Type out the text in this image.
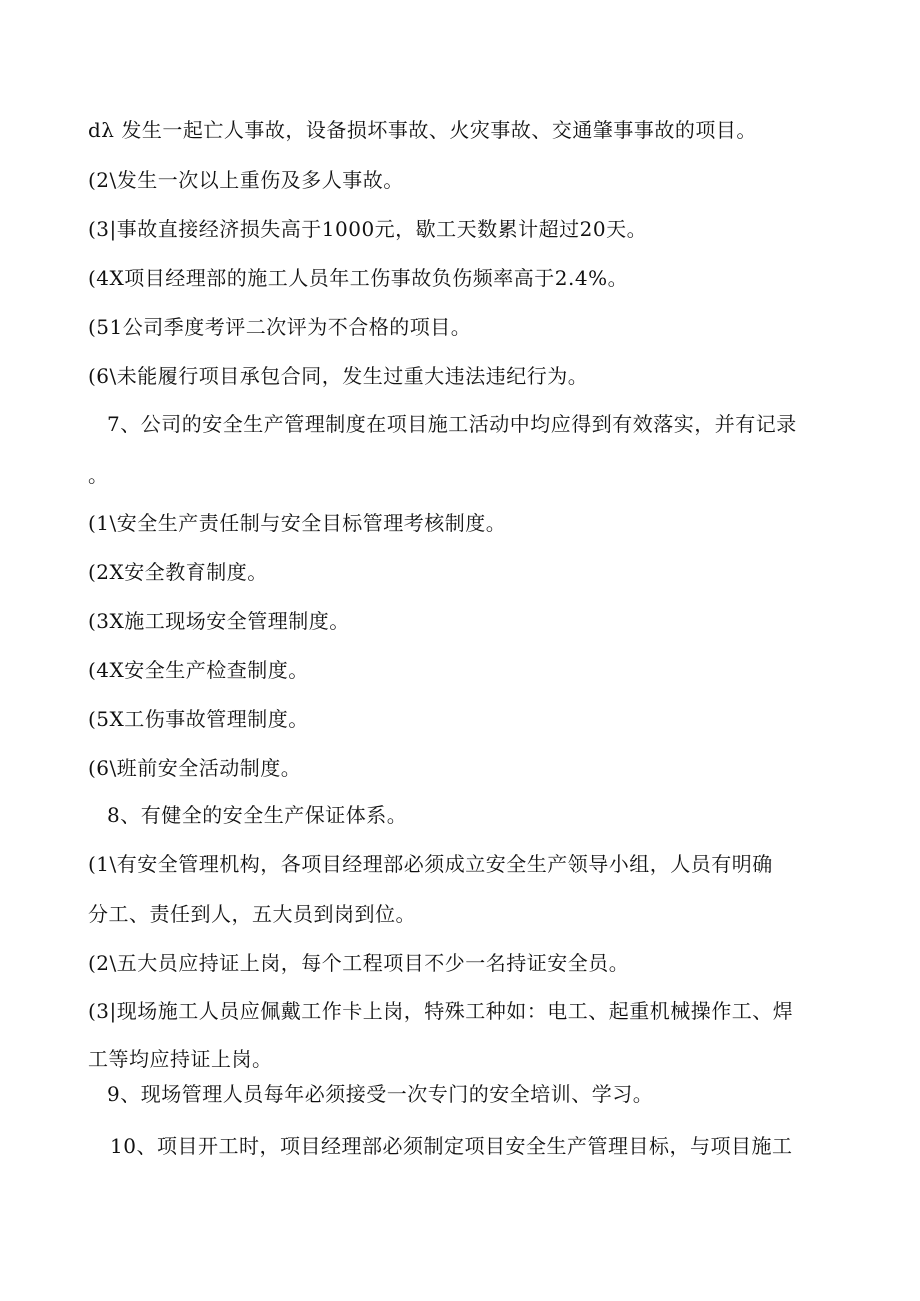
dλ 发生一起亡人事故，设备损坏事故、火灾事故、交通肇事事故的项目。
(2\发生一次以上重伤及多人事故。
(3|事故直接经济损失高于1000元，歇工天数累计超过20天。
(4X项目经理部的施工人员年工伤事故负伤频率高于2.4%。
(51公司季度考评二次评为不合格的项目。
(6\未能履行项目承包合同，发生过重大违法违纪行为。
7、公司的安全生产管理制度在项目施工活动中均应得到有效落实，并有记录
。
(1\安全生产责任制与安全目标管理考核制度。
(2X安全教育制度。
(3X施工现场安全管理制度。
(4X安全生产检查制度。
(5X工伤事故管理制度。
(6\班前安全活动制度。
8、有健全的安全生产保证体系。
(1\有安全管理机构，各项目经理部必须成立安全生产领导小组，人员有明确
分工、责任到人，五大员到岗到位。
(2\五大员应持证上岗，每个工程项目不少一名持证安全员。
(3|现场施工人员应佩戴工作卡上岗，特殊工种如：电工、起重机械操作工、焊
工等均应持证上岗。
9、现场管理人员每年必须接受一次专门的安全培训、学习。
10、项目开工时，项目经理部必须制定项目安全生产管理目标，与项目施工
